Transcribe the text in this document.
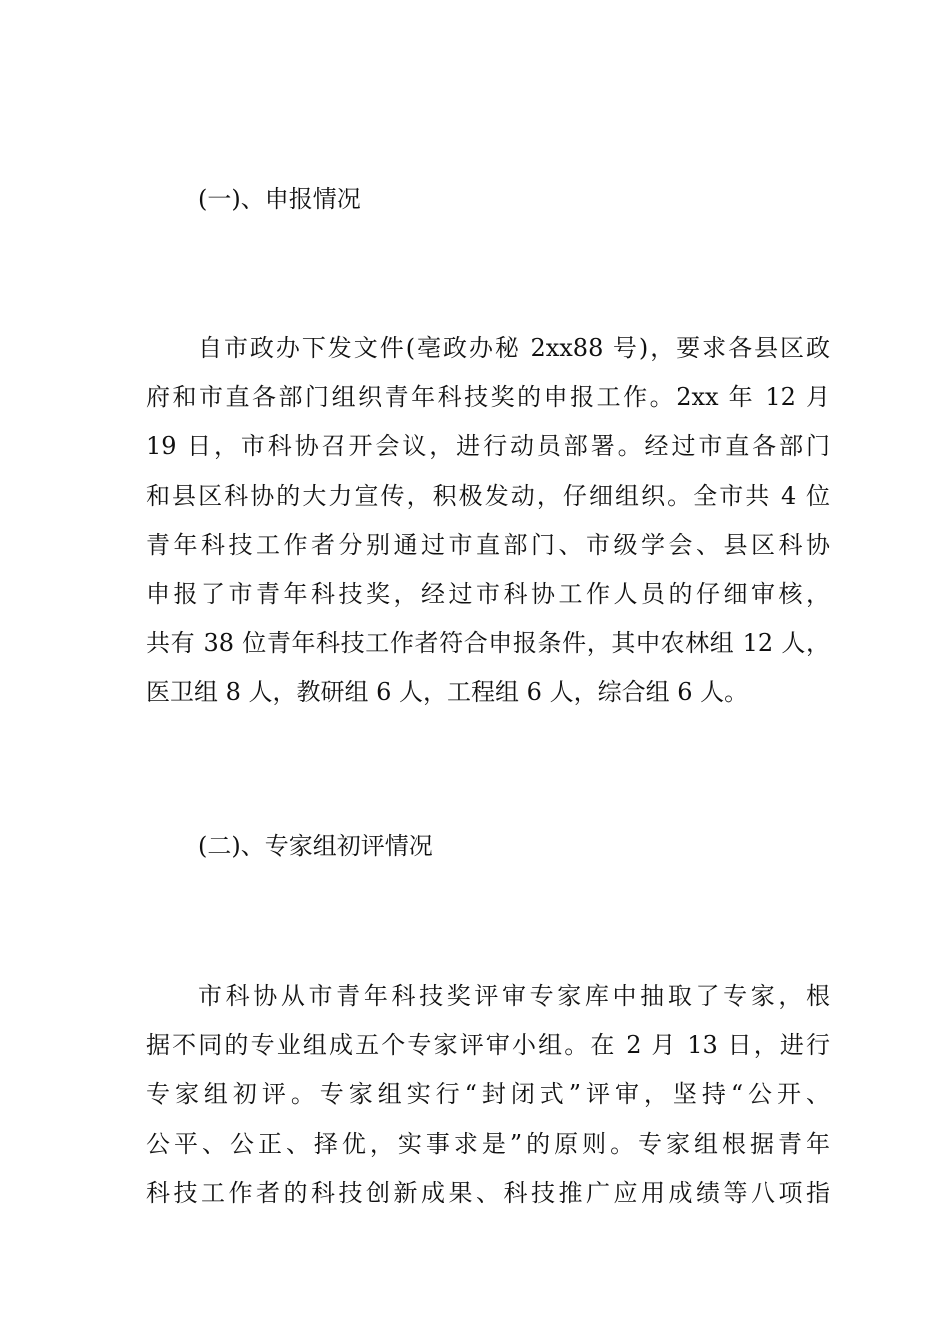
(一)、申报情况
自市政办下发文件(亳政办秘 2xx88 号)，要求各县区政
府和市直各部门组织青年科技奖的申报工作。2xx 年 12 月
19 日，市科协召开会议，进行动员部署。经过市直各部门
和县区科协的大力宣传，积极发动，仔细组织。全市共 4 位
青年科技工作者分别通过市直部门、市级学会、县区科协
申报了市青年科技奖，经过市科协工作人员的仔细审核，
共有 38 位青年科技工作者符合申报条件，其中农林组 12 人，
医卫组 8 人，教研组 6 人，工程组 6 人，综合组 6 人。
(二)、专家组初评情况
市科协从市青年科技奖评审专家库中抽取了专家，根
据不同的专业组成五个专家评审小组。在 2 月 13 日，进行
专家组初评。专家组实行“封闭式”评审，坚持“公开、
公平、公正、择优，实事求是”的原则。专家组根据青年
科技工作者的科技创新成果、科技推广应用成绩等八项指
